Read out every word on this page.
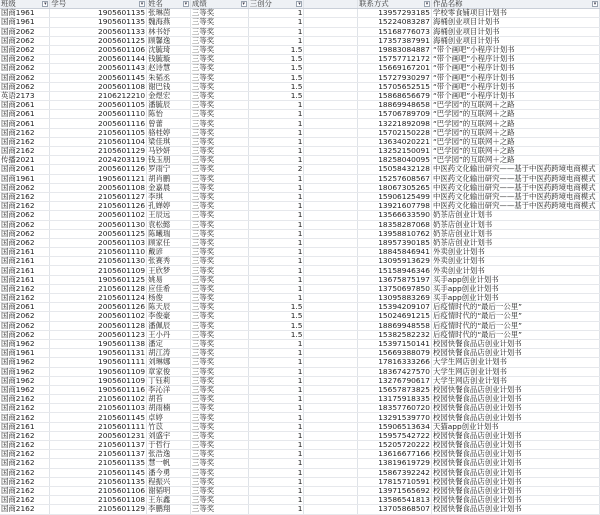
班级 ▾	学号 ▾	姓名 ▾	成绩 ▾	三创分 ▾		联系方式 ▾	作品名称 ▾

国商1961	1905601135	张琳茵	三等奖	1		13957293185	学校零食铺项目计划书
国商1961	1905601135	魏海燕	三等奖	1		15224083287	海桶创业项目计划书
国商2062	2005601133	林书妤	三等奖	1		15168776073	海桶创业项目计划书
国商2062	2005601125	顾馨逸	三等奖	1		17357387991	海桶创业项目计划书
国商2062	2005601106	沈毓琦	三等奖	1.5		19883084887	“带个画吧”小程序计划书
国商2062	2005601144	钱毓璇	三等奖	1.5		15757712172	“带个画吧”小程序计划书
国商2062	2005601143	赵诗慧	三等奖	1.5		15669167201	“带个画吧”小程序计划书
国商2062	2005601145	朱韬丞	三等奖	1.5		15727930297	“带个画吧”小程序计划书
国商2062	2005601108	谢巴钱	三等奖	1.5		15705652515	“带个画吧”小程序计划书
英语2173	2106212210	金煜宏	三等奖	1.5		15868656679	“带个画吧”小程序计划书
国商2061	2005601105	潘毓辰	三等奖	1		18869948658	“巴学园”的互联网＋之路
国商2061	2005601110	陈怡	三等奖	1		15706789709	“巴学园”的互联网＋之路
国商2061	2005601116	曾蕾	三等奖	1		13221892098	“巴学园”的互联网＋之路
国商2162	2105601105	骆桂婷	三等奖	1		15702150228	“巴学园”的互联网＋之路
国商2162	2105601104	梁佳琪	三等奖	1		13634020221	“巴学园”的互联网＋之路
国商2162	2105601129	马钞妍	三等奖	1		13252150091	“巴学园”的互联网＋之路
传播2021	2024203119	钱玉朋	三等奖	1		18258040095	“巴学园”的互联网＋之路
国商2061	2005601126	罗雨宁	三等奖	2		15058432128	中医药文化输出研究——基于中医药跨境电商模式
国商1961	1905601121	胡肖鹏	三等奖	1		15257608567	中医药文化输出研究——基于中医药跨境电商模式
国商2062	2005601108	金嘉晨	三等奖	1		18067305265	中医药文化输出研究——基于中医药跨境电商模式
国商2162	2105601127	李琪	三等奖	1		15906125499	中医药文化输出研究——基于中医药跨境电商模式
国商2162	2105601126	孔婵婷	三等奖	1		13921607798	中医药文化输出研究——基于中医药跨境电商模式
国商2062	2005601102	王辰远	三等奖	1		13566633590	奶茶店创业计划书
国商2062	2005601130	袁松懿	三等奖	1		18358287068	奶茶店创业计划书
国商2062	2005601125	陈曦瑞	三等奖	1		13958810762	奶茶店创业计划书
国商2062	2005601103	顾家任	三等奖	1		18957390185	奶茶店创业计划书
国商2161	2105601110	戴谚	三等奖	1		18845846941	外卖创业计划书
国商2161	2105601130	张赛秀	三等奖	1		13095913629	外卖创业计划书
国商2161	2105601109	王欣梦	三等奖	1		15158946346	外卖创业计划书
国商2161	1905601125	姚易	三等奖	1		13675875197	买手app创业计划书
国商2162	2105601128	应佳希	三等奖	1		13750697850	买手app创业计划书
国商2162	2105601124	杨俊	三等奖	1		13095883269	买手app创业计划书
国商2061	2005601126	陈天辰	三等奖	1.5		15394209107	后疫情时代的“最后一公里”
国商2062	2005601102	李俊豪	三等奖	1.5		15024691215	后疫情时代的“最后一公里”
国商2062	2005601128	潘佩辰	三等奖	1.5		18869948558	后疫情时代的“最后一公里”
国商2062	2005601123	王小丹	三等奖	1.5		15382582232	后疫情时代的“最后一公里”
国商1962	1905601138	潘定	三等奖	1		15397150141	校园快餐食品店创业计划书
国商1961	1905601131	胡江涛	三等奖	1		15669388079	校园快餐食品店创业计划书
国商1962	1905601111	刘琳娜	三等奖	1		17816333266	大学生网店创业计划书
国商1962	1905601109	章家俊	三等奖	1		18367427570	大学生网店创业计划书
国商1962	1905601109	丁钰莉	三等奖	1		13276790617	大学生网店创业计划书
国商1962	1905601116	李沁洋	三等奖	1		15657873825	校园快餐食品店创业计划书
国商2162	2105601102	胡苔	三等奖	1		13175918335	校园快餐食品店创业计划书
国商2162	2105601103	胡雨楠	三等奖	1		18357760720	校园快餐食品店创业计划书
国商2162	2105601145	卓婷	三等奖	1		13291539770	校园快餐食品店创业计划书
国商2161	2105601111	竹苡	三等奖	1		15906513634	天猫app创业计划书
国商2162	2005601231	刘盛宇	三等奖	1		15957542722	校园快餐食品店创业计划书
国商2162	2105601137	于哲行	三等奖	1		15205720222	校园快餐食品店创业计划书
国商2162	2105601137	张浩逸	三等奖	1		13616677166	校园快餐食品店创业计划书
国商2162	2105601135	慧一帆	三等奖	1		13819619729	校园快餐食品店创业计划书
国商2162	2105601145	潘今勇	三等奖	1		15867392242	校园快餐食品店创业计划书
国商2162	2105601135	程振兴	三等奖	1		17815710591	校园快餐食品店创业计划书
国商2162	2105601106	谢韬明	三等奖	1		13971565692	校园快餐食品店创业计划书
国商2162	2105601108	王东鑫	三等奖	1		13586541813	校园快餐食品店创业计划书
国商2162	2105601129	李鹏翔	三等奖	1		13705868507	校园快餐食品店创业计划书
